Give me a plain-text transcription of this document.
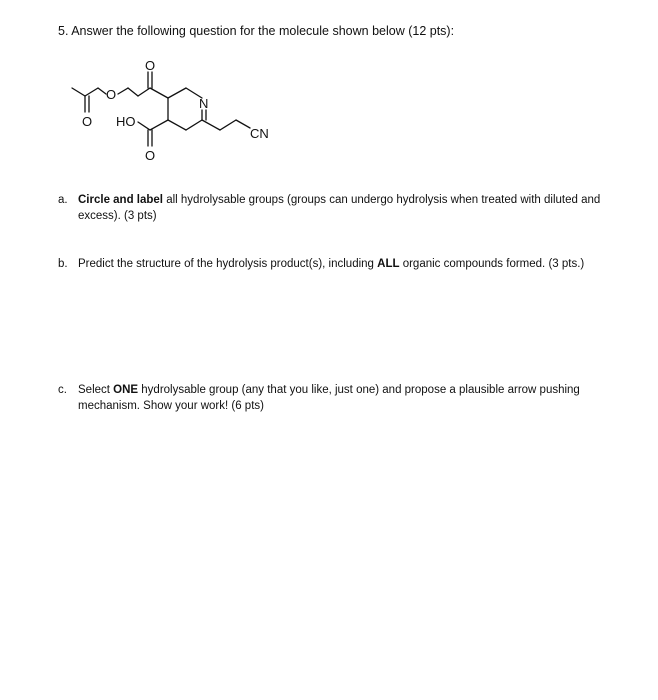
5. Answer the following question for the molecule shown below (12 pts):
O
O
O HO
N
O
CN
a. Circle and label all hydrolysable groups (groups can undergo hydrolysis when treated with diluted and excess). (3 pts)
b. Predict the structure of the hydrolysis product(s), including ALL organic compounds formed. (3 pts.)
c. Select ONE hydrolysable group (any that you like, just one) and propose a plausible arrow pushing mechanism. Show your work! (6 pts)
